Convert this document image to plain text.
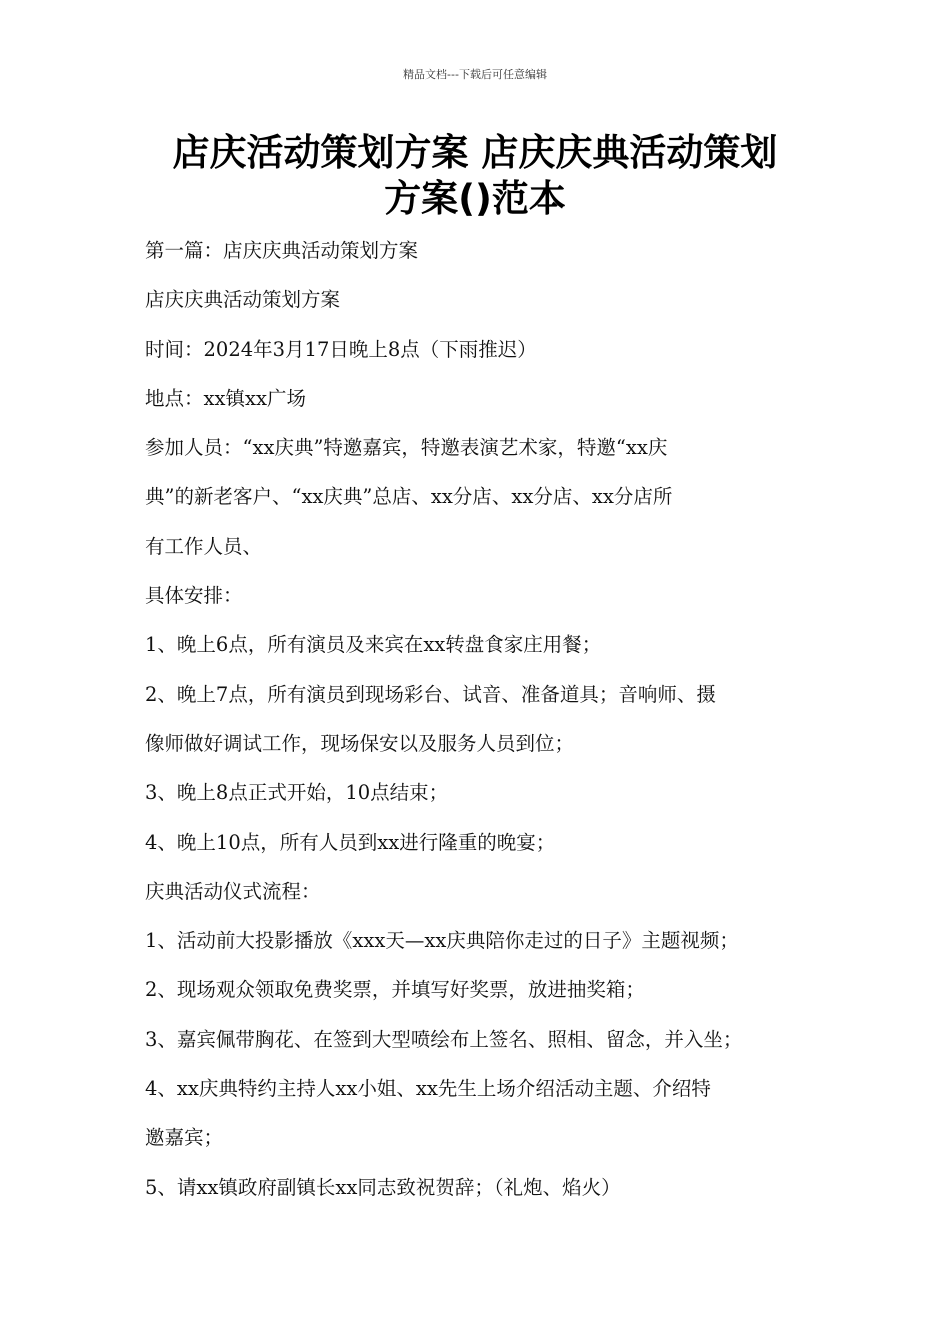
精品文档---下载后可任意编辑
店庆活动策划方案 店庆庆典活动策划
方案()范本

第一篇：店庆庆典活动策划方案

店庆庆典活动策划方案

时间：2024年3月17日晚上8点（下雨推迟）

地点：xx镇xx广场

参加人员：“xx庆典”特邀嘉宾，特邀表演艺术家，特邀“xx庆

典”的新老客户、“xx庆典”总店、xx分店、xx分店、xx分店所

有工作人员、

具体安排：

1、晚上6点，所有演员及来宾在xx转盘食家庄用餐；

2、晚上7点，所有演员到现场彩台、试音、准备道具；音响师、摄

像师做好调试工作，现场保安以及服务人员到位；

3、晚上8点正式开始，10点结束；

4、晚上10点，所有人员到xx进行隆重的晚宴；

庆典活动仪式流程：

1、活动前大投影播放《xxx天—xx庆典陪你走过的日子》主题视频；

2、现场观众领取免费奖票，并填写好奖票，放进抽奖箱；

3、嘉宾佩带胸花、在签到大型喷绘布上签名、照相、留念，并入坐；

4、xx庆典特约主持人xx小姐、xx先生上场介绍活动主题、介绍特

邀嘉宾；

5、请xx镇政府副镇长xx同志致祝贺辞；（礼炮、焰火）
